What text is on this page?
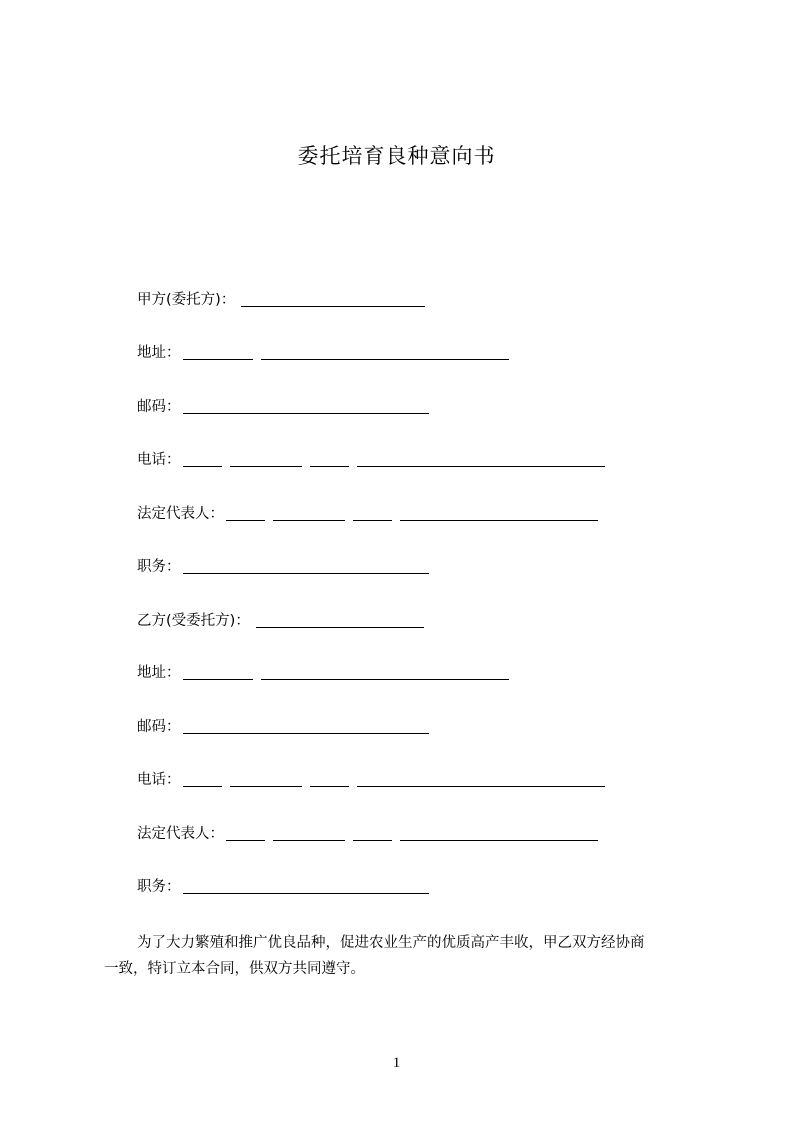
委托培育良种意向书
甲方(委托方)：
地址：
邮码：
电话：
法定代表人：
职务：
乙方(受委托方)：
地址：
邮码：
电话：
法定代表人：
职务：
为了大力繁殖和推广优良品种，促进农业生产的优质高产丰收，甲乙双方经协商
一致，特订立本合同，供双方共同遵守。
1
